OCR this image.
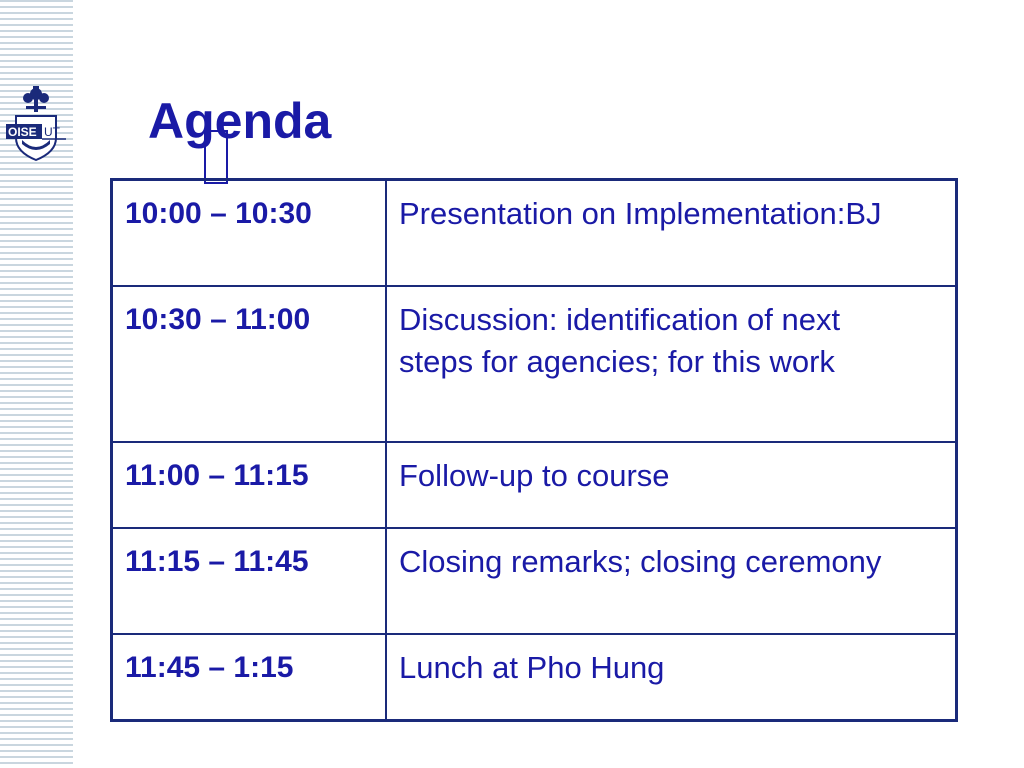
OISE UT Agenda
10:00 – 10:30	Presentation on Implementation:BJ
10:30 – 11:00	Discussion: identification of next steps for agencies; for this work
11:00 – 11:15	Follow-up to course
11:15 – 11:45	Closing remarks; closing ceremony
11:45 – 1:15	Lunch at Pho Hung
